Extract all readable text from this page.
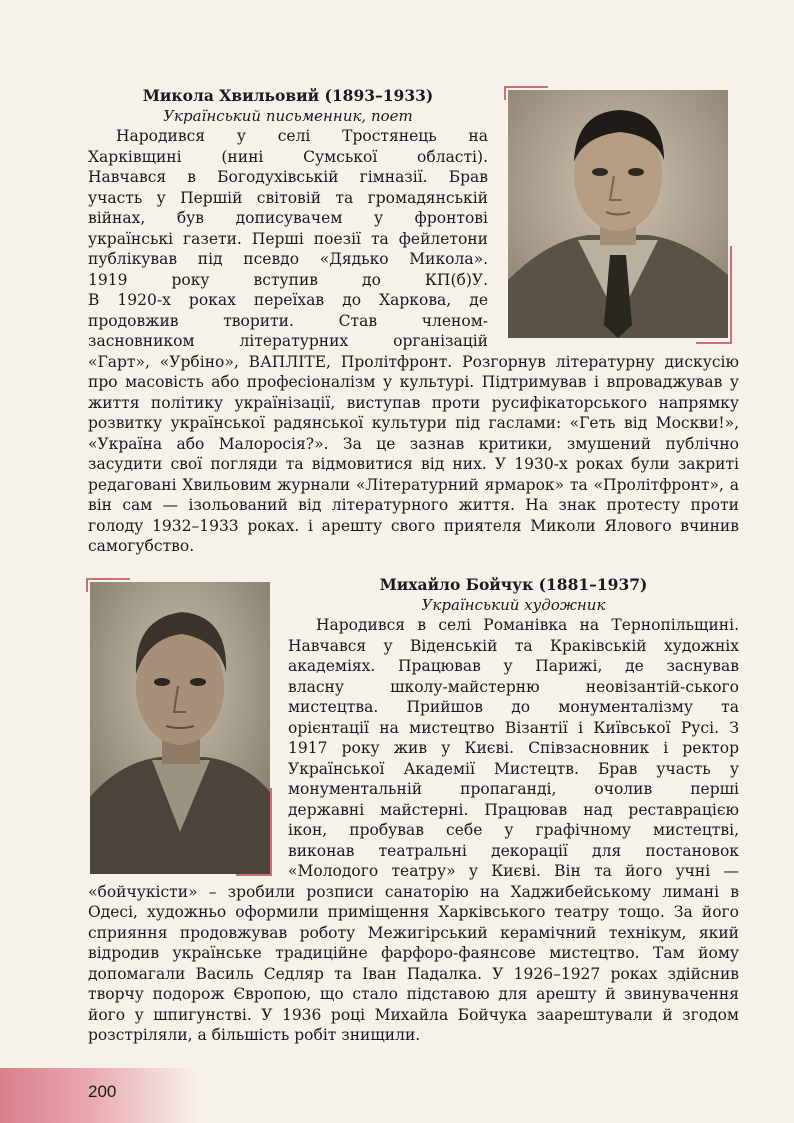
Микола Хвильовий (1893–1933)
Український письменник, поет
Народився у селі Тростянець на
Харківщині (нині Сумської області).
Навчався в Богодухівській гімназії. Брав
участь у Першій світовій та громадянській
війнах, був дописувачем у фронтові
українські газети. Перші поезії та фейлетони
публікував під псевдо «Дядько Микола».
1919 року вступив до КП(б)У.
В 1920-х роках переїхав до Харкова, де
продовжив творити. Став членом-
засновником літературних організацій
«Гарт», «Урбіно», ВАПЛІТЕ, Пролітфронт. Розгорнув літературну дискусію про масовість або професіоналізм у культурі. Підтримував і впроваджував у життя політику українізації, виступав проти русифікаторського напрямку розвитку української радянської культури під гаслами: «Геть від Москви!», «Україна або Малоросія?». За це зазнав критики, змушений публічно засудити свої погляди та відмовитися від них. У 1930-х роках були закриті редаговані Хвильовим журнали «Літературний ярмарок» та «Пролітфронт», а він сам — ізольований від літературного життя. На знак протесту проти голоду 1932–1933 роках. і арешту свого приятеля Миколи Ялового вчинив самогубство.
Михайло Бойчук (1881–1937)
Український художник
Народився в селі Романівка на Тернопільщині.
Навчався у Віденській та Краківській художніх
академіях. Працював у Парижі, де заснував
власну школу-майстерню неовізантій-ського
мистецтва. Прийшов до монументалізму та
орієнтації на мистецтво Візантії і Київської Русі. З
1917 року жив у Києві. Співзасновник і ректор
Української Академії Мистецтв. Брав участь у
монументальній пропаганді, очолив перші
державні майстерні. Працював над реставрацією
ікон, пробував себе у графічному мистецтві,
виконав театральні декорації для постановок
«Молодого театру» у Києві. Він та його учні —
«бойчукісти» – зробили розписи санаторію на Хаджибейському лимані в Одесі, художньо оформили приміщення Харківського театру тощо. За його сприяння продовжував роботу Межигірський керамічний технікум, який відродив українське традиційне фарфоро-фаянсове мистецтво. Там йому допомагали Василь Седляр та Іван Падалка. У 1926–1927 роках здійснив творчу подорож Європою, що стало підставою для арешту й звинувачення його у шпигунстві. У 1936 році Михайла Бойчука заарештували й згодом розстріляли, а більшість робіт знищили.
200
